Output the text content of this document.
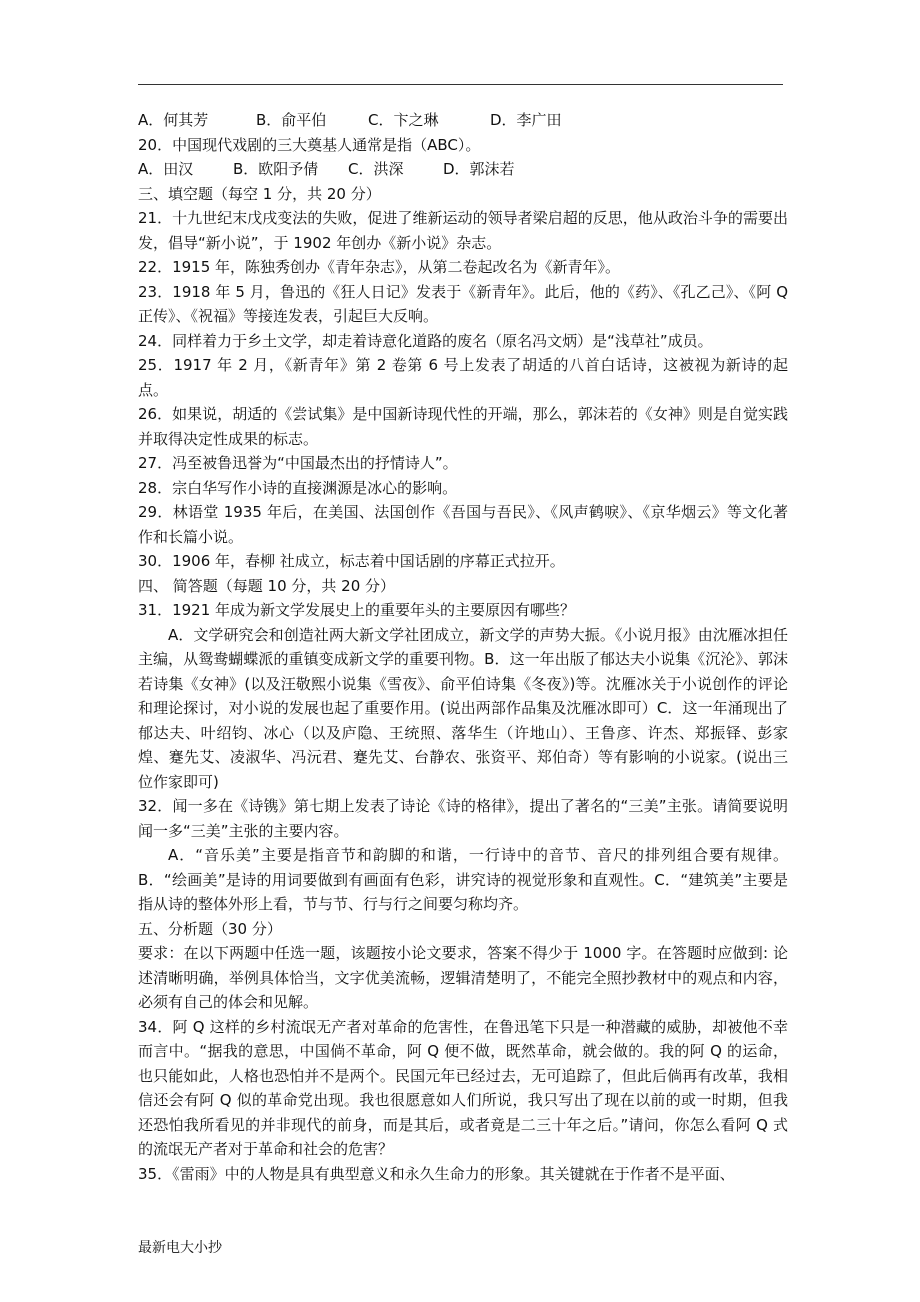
A．何其芳	B．俞平伯	C．卞之琳	D．李广田
20．中国现代戏剧的三大奠基人通常是指（ABC）。
A．田汉	B．欧阳予倩	C．洪深	D．郭沫若
三、填空题（每空 1 分，共 20 分）
21．十九世纪末戊戌变法的失败，促进了维新运动的领导者梁启超的反思，他从政治斗争的需要出发，倡导“新小说”，于 1902 年创办《新小说》杂志。
22．1915 年，陈独秀创办《青年杂志》，从第二卷起改名为《新青年》。
23．1918 年 5 月，鲁迅的《狂人日记》发表于《新青年》。此后，他的《药》、《孔乙己》、《阿 Q 正传》、《祝福》等接连发表，引起巨大反响。
24．同样着力于乡土文学，却走着诗意化道路的废名（原名冯文炳）是“浅草社”成员。
25．1917 年 2 月，《新青年》第 2 卷第 6 号上发表了胡适的八首白话诗，这被视为新诗的起点。
26．如果说，胡适的《尝试集》是中国新诗现代性的开端，那么，郭沫若的《女神》则是自觉实践并取得决定性成果的标志。
27．冯至被鲁迅誉为“中国最杰出的抒情诗人”。
28．宗白华写作小诗的直接渊源是冰心的影响。
29．林语堂 1935 年后，在美国、法国创作《吾国与吾民》、《风声鹤唳》、《京华烟云》等文化著作和长篇小说。
30．1906 年，春柳 社成立，标志着中国话剧的序幕正式拉开。
四、 简答题（每题 10 分，共 20 分）
31．1921 年成为新文学发展史上的重要年头的主要原因有哪些？
A．文学研究会和创造社两大新文学社团成立，新文学的声势大振。《小说月报》由沈雁冰担任主编，从鸳鸯蝴蝶派的重镇变成新文学的重要刊物。B．这一年出版了郁达夫小说集《沉沦》、郭沫若诗集《女神》(以及汪敬熙小说集《雪夜》、俞平伯诗集《冬夜》)等。沈雁冰关于小说创作的评论和理论探讨，对小说的发展也起了重要作用。(说出两部作品集及沈雁冰即可）C．这一年涌现出了郁达夫、叶绍钧、冰心（以及庐隐、王统照、落华生（许地山）、王鲁彦、许杰、郑振铎、彭家煌、蹇先艾、凌淑华、冯沅君、蹇先艾、台静农、张资平、郑伯奇）等有影响的小说家。(说出三位作家即可)
32．闻一多在《诗镌》第七期上发表了诗论《诗的格律》，提出了著名的“三美”主张。请简要说明闻一多“三美”主张的主要内容。
A．“音乐美”主要是指音节和韵脚的和谐，一行诗中的音节、音尺的排列组合要有规律。B．“绘画美”是诗的用词要做到有画面有色彩，讲究诗的视觉形象和直观性。C．“建筑美”主要是指从诗的整体外形上看，节与节、行与行之间要匀称均齐。
五、分析题（30 分）
要求：在以下两题中任选一题，该题按小论文要求，答案不得少于 1000 字。在答题时应做到: 论述清晰明确，举例具体恰当，文字优美流畅，逻辑清楚明了，不能完全照抄教材中的观点和内容，必须有自己的体会和见解。
34．阿 Q 这样的乡村流氓无产者对革命的危害性，在鲁迅笔下只是一种潜藏的威胁，却被他不幸而言中。“据我的意思，中国倘不革命，阿 Q 便不做，既然革命，就会做的。我的阿 Q 的运命，也只能如此，人格也恐怕并不是两个。民国元年已经过去，无可追踪了，但此后倘再有改革，我相信还会有阿 Q 似的革命党出现。我也很愿意如人们所说，我只写出了现在以前的或一时期，但我还恐怕我所看见的并非现代的前身，而是其后，或者竟是二三十年之后。”请问，你怎么看阿 Q 式的流氓无产者对于革命和社会的危害？
35．《雷雨》中的人物是具有典型意义和永久生命力的形象。其关键就在于作者不是平面、
最新电大小抄
